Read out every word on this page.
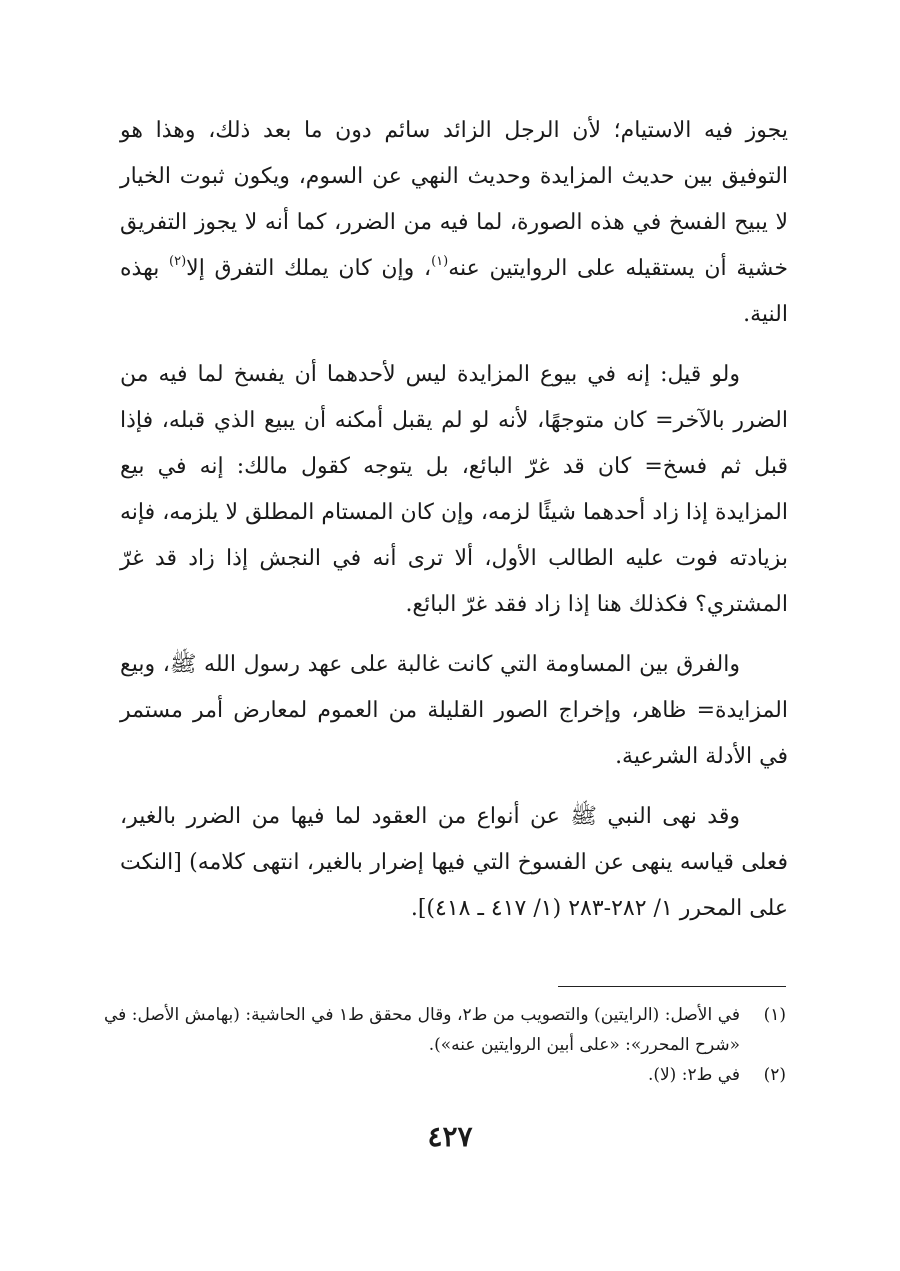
يجوز فيه الاستيام؛ لأن الرجل الزائد سائم دون ما بعد ذلك، وهذا هو التوفيق بين حديث المزايدة وحديث النهي عن السوم، ويكون ثبوت الخيار لا يبيح الفسخ في هذه الصورة، لما فيه من الضرر، كما أنه لا يجوز التفريق خشية أن يستقيله على الروايتين عنه$^{(١)}$، وإن كان يملك التفرق إلا$^{(٢)}$ بهذه النية.

ولو قيل: إنه في بيوع المزايدة ليس لأحدهما أن يفسخ لما فيه من الضرر بالآخر= كان متوجهًا، لأنه لو لم يقبل أمكنه أن يبيع الذي قبله، فإذا قبل ثم فسخ= كان قد غرّ البائع، بل يتوجه كقول مالك: إنه في بيع المزايدة إذا زاد أحدهما شيئًا لزمه، وإن كان المستام المطلق لا يلزمه، فإنه بزيادته فوت عليه الطالب الأول، ألا ترى أنه في النجش إذا زاد قد غرّ المشتري؟ فكذلك هنا إذا زاد فقد غرّ البائع.

والفرق بين المساومة التي كانت غالبة على عهد رسول الله ﷺ، وبيع المزايدة= ظاهر، وإخراج الصور القليلة من العموم لمعارض أمر مستمر في الأدلة الشرعية.

وقد نهى النبي ﷺ عن أنواع من العقود لما فيها من الضرر بالغير، فعلى قياسه ينهى عن الفسوخ التي فيها إضرار بالغير، انتهى كلامه) [النكت على المحرر ١/ ٢٨٢-٢٨٣ (١/ ٤١٧ ـ ٤١٨)].

(١)
في الأصل: (الرايتين) والتصويب من ط٢، وقال محقق ط١ في الحاشية: (بهامش الأصل: في «شرح المحرر»: «على أبين الروايتين عنه»).

(٢)
في ط٢: (لا).

٤٢٧
